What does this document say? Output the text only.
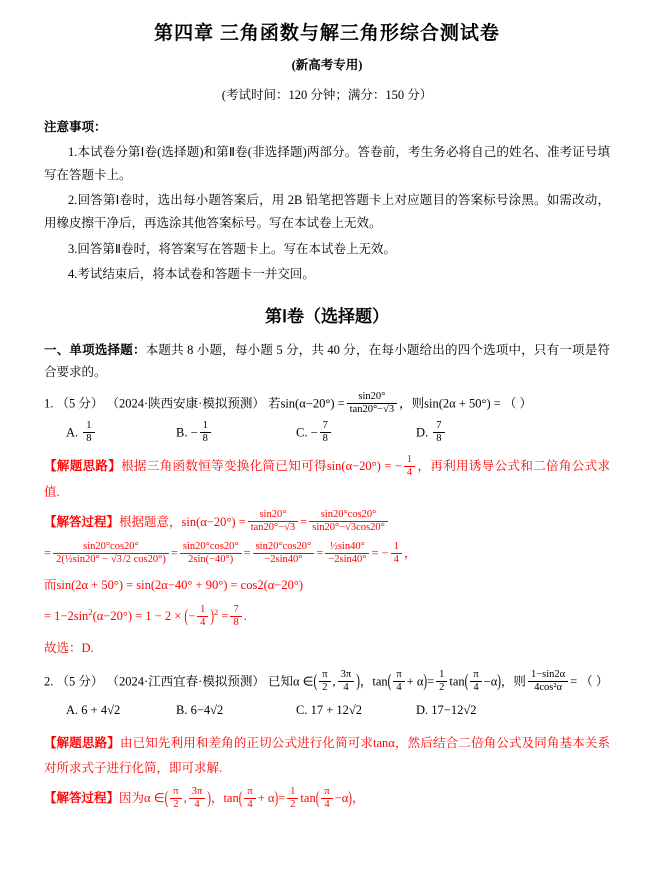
第四章 三角函数与解三角形综合测试卷
(新高考专用)
(考试时间：120 分钟；满分：150 分）
注意事项：

1.本试卷分第Ⅰ卷(选择题)和第Ⅱ卷(非选择题)两部分。答卷前，考生务必将自己的姓名、准考证号填写在答题卡上。

2.回答第Ⅰ卷时，选出每小题答案后，用 2B 铅笔把答题卡上对应题目的答案标号涂黑。如需改动，用橡皮擦干净后，再选涂其他答案标号。写在本试卷上无效。

3.回答第Ⅱ卷时，将答案写在答题卡上。写在本试卷上无效。

4.考试结束后，将本试卷和答题卡一并交回。

第Ⅰ卷（选择题）
一、单项选择题：本题共 8 小题，每小题 5 分，共 40 分，在每小题给出的四个选项中，只有一项是符合要求的。
1. （5 分） （2024·陕西安康·模拟预测） 若$\sin(\alpha-20^\circ) = \frac{\sin 20^\circ}{\tan 20^\circ-√3}$ ，则sin(2α + 50°) = （ ）
A. $\frac{1}{8}$	B. − $\frac{1}{8}$	C. − $\frac{7}{8}$	D. $\frac{7}{8}$
【解题思路】根据三角函数恒等变换化简已知可得sin(α−20°) = − $\frac{1}{4}$ ，再利用诱导公式和二倍角公式求值.
【解答过程】根据题意，$\sin(\alpha-20^\circ) = \frac{\sin 20^\circ}{\tan 20^\circ-√3} = \frac{\sin 20^\circ\cos 20^\circ}{\sin 20^\circ-√3\cos 20^\circ}$
= $\frac{\sin 20^\circ\cos 20^\circ}{\text{2(½sin20° − √3/2 cos20°)}} = \frac{\sin 20^\circ\cos 20^\circ}{2\sin(-40^\circ)} = \frac{\sin 20^\circ\cos 20^\circ}{-2\sin 40^\circ} = \frac{\text{½sin40°}}{-2\sin 40^\circ}$ = − $\frac{1}{4}$ ，
而sin(2α + 50°) = sin(2α−40° + 90°) = cos2(α−20°)
= $1-2\sin^2(\alpha-20^\circ) = 1 - 2$ × (− $\frac{1}{4} )^2 = \frac{7}{8}$ .
故选：D.
2. （5 分） （2024·江西宜春·模拟预测） 已知α ∈( $\frac{\pi}{2}$ , $\frac{3\pi}{4}$ )，$\tan( \frac{\pi}{4} + \alpha)= \frac{1}{2} \tan( \frac{\pi}{4} -\alpha)$，则 $\frac{1-\sin 2\alpha}{\text{4cos²α}}$ = （ ）
A. 6 + 4√2	B. 6−4√2	C. 17 + 12√2	D. 17−12√2
【解题思路】由已知先利用和差角的正切公式进行化简可求tanα，然后结合二倍角公式及同角基本关系对所求式子进行化简，即可求解.
【解答过程】因为α ∈( $\frac{\pi}{2}$ , $\frac{3\pi}{4}$ )，$\tan( \frac{\pi}{4} + \alpha)= \frac{1}{2} \tan( \frac{\pi}{4} -\alpha)$，
